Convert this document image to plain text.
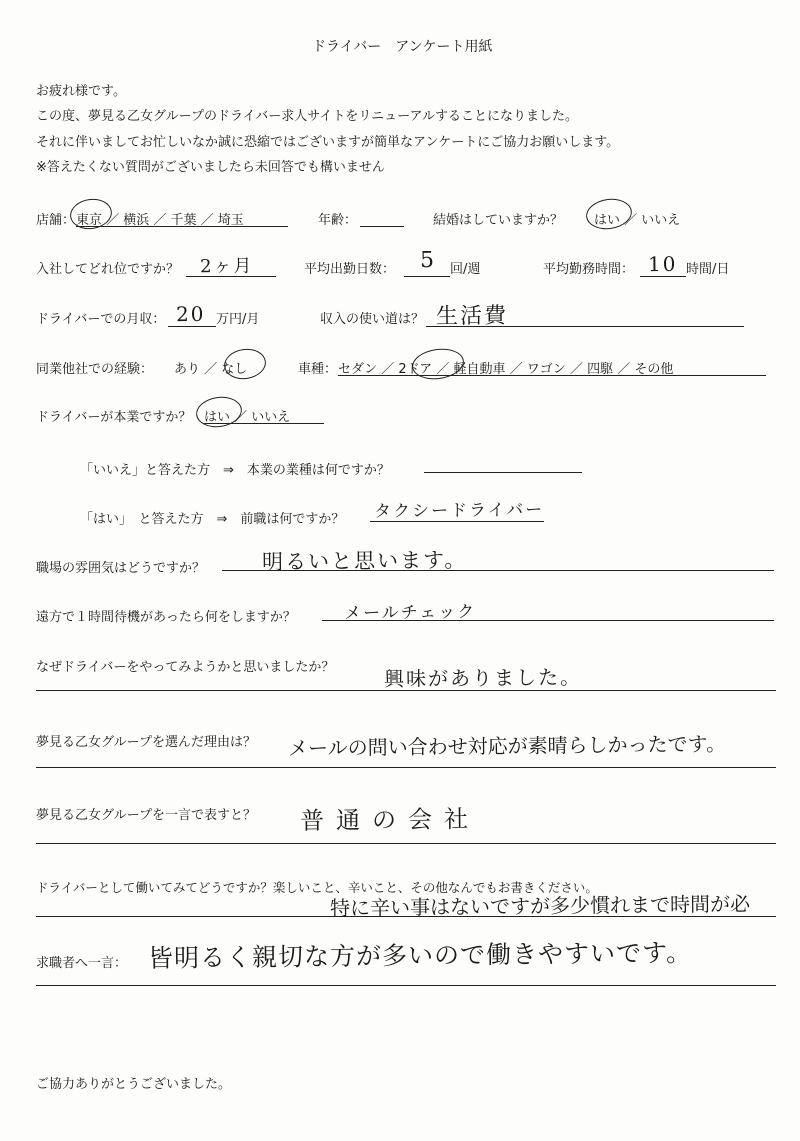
ドライバー　アンケート用紙
お疲れ様です。
この度、夢見る乙女グループのドライバー求人サイトをリニューアルすることになりました。
それに伴いましてお忙しいなか誠に恐縮ではございますが簡単なアンケートにご協力お願いします。
※答えたくない質問がございましたら未回答でも構いません
店舗： 東京 ／ 横浜 ／ 千葉 ／ 埼玉	年齢：	結婚はしていますか？ はい ／ いいえ
入社してどれ位ですか？ 2ヶ月	平均出勤日数： 5 回/週	平均勤務時間： 10 時間/日
ドライバーでの月収： 20 万円/月	収入の使い道は？ 生活費
同業他社での経験： あり ／ なし	車種： セダン ／ 2ドア ／ 軽自動車 ／ ワゴン ／ 四駆 ／ その他
ドライバーが本業ですか？ はい ／ いいえ
「いいえ」と答えた方　⇒　本業の業種は何ですか？
「はい」　と答えた方　⇒　前職は何ですか？ タクシードライバー
職場の雰囲気はどうですか？	明るいと思います。
遠方で１時間待機があったら何をしますか？	メールチェック
なぜドライバーをやってみようかと思いましたか？ 興味がありました。
夢見る乙女グループを選んだ理由は？ メールの問い合わせ対応が素晴らしかったです。
夢見る乙女グループを一言で表すと？ 普通の会社
ドライバーとして働いてみてどうですか？楽しいこと、辛いこと、その他なんでもお書きください。
特に辛い事はないですが多少慣れまで時間が必
求職者へ一言： 皆明るく親切な方が多いので働きやすいです。
ご協力ありがとうございました。
